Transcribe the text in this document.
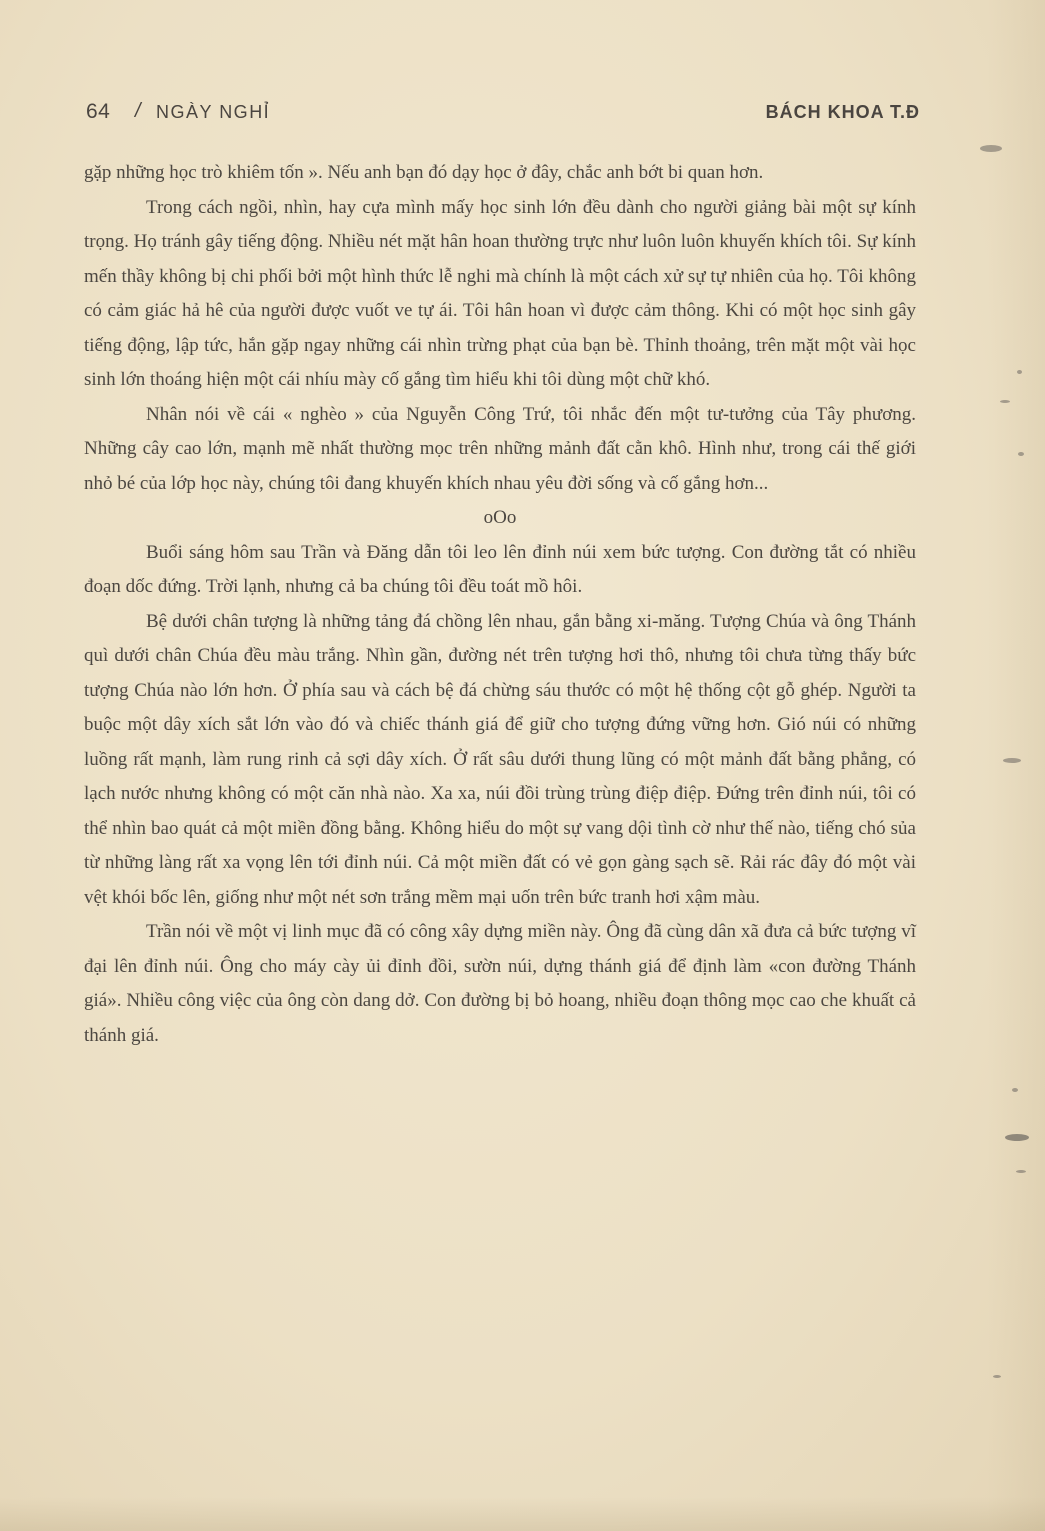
64 / NGÀY NGHỈ	BÁCH KHOA T.Đ

gặp những học trò khiêm tốn ». Nếu anh bạn đó dạy học ở đây, chắc anh bớt bi quan hơn.

Trong cách ngồi, nhìn, hay cựa mình mấy học sinh lớn đều dành cho người giảng bài một sự kính trọng. Họ tránh gây tiếng động. Nhiều nét mặt hân hoan thường trực như luôn luôn khuyến khích tôi. Sự kính mến thầy không bị chi phối bởi một hình thức lễ nghi mà chính là một cách xử sự tự nhiên của họ. Tôi không có cảm giác hả hê của người được vuốt ve tự ái. Tôi hân hoan vì được cảm thông. Khi có một học sinh gây tiếng động, lập tức, hắn gặp ngay những cái nhìn trừng phạt của bạn bè. Thỉnh thoảng, trên mặt một vài học sinh lớn thoáng hiện một cái nhíu mày cố gắng tìm hiểu khi tôi dùng một chữ khó.

Nhân nói về cái « nghèo » của Nguyễn Công Trứ, tôi nhắc đến một tư-tưởng của Tây phương. Những cây cao lớn, mạnh mẽ nhất thường mọc trên những mảnh đất cằn khô. Hình như, trong cái thế giới nhỏ bé của lớp học này, chúng tôi đang khuyến khích nhau yêu đời sống và cố gắng hơn...

oOo

Buổi sáng hôm sau Trần và Đăng dẫn tôi leo lên đỉnh núi xem bức tượng. Con đường tắt có nhiều đoạn dốc đứng. Trời lạnh, nhưng cả ba chúng tôi đều toát mồ hôi.

Bệ dưới chân tượng là những tảng đá chồng lên nhau, gắn bằng xi-măng. Tượng Chúa và ông Thánh quì dưới chân Chúa đều màu trắng. Nhìn gần, đường nét trên tượng hơi thô, nhưng tôi chưa từng thấy bức tượng Chúa nào lớn hơn. Ở phía sau và cách bệ đá chừng sáu thước có một hệ thống cột gỗ ghép. Người ta buộc một dây xích sắt lớn vào đó và chiếc thánh giá để giữ cho tượng đứng vững hơn. Gió núi có những luồng rất mạnh, làm rung rinh cả sợi dây xích. Ở rất sâu dưới thung lũng có một mảnh đất bằng phẳng, có lạch nước nhưng không có một căn nhà nào. Xa xa, núi đồi trùng trùng điệp điệp. Đứng trên đỉnh núi, tôi có thể nhìn bao quát cả một miền đồng bằng. Không hiểu do một sự vang dội tình cờ như thế nào, tiếng chó sủa từ những làng rất xa vọng lên tới đỉnh núi. Cả một miền đất có vẻ gọn gàng sạch sẽ. Rải rác đây đó một vài vệt khói bốc lên, giống như một nét sơn trắng mềm mại uốn trên bức tranh hơi xậm màu.

Trần nói về một vị linh mục đã có công xây dựng miền này. Ông đã cùng dân xã đưa cả bức tượng vĩ đại lên đỉnh núi. Ông cho máy cày ủi đỉnh đồi, sườn núi, dựng thánh giá để định làm «con đường Thánh giá». Nhiều công việc của ông còn dang dở. Con đường bị bỏ hoang, nhiều đoạn thông mọc cao che khuất cả thánh giá.
